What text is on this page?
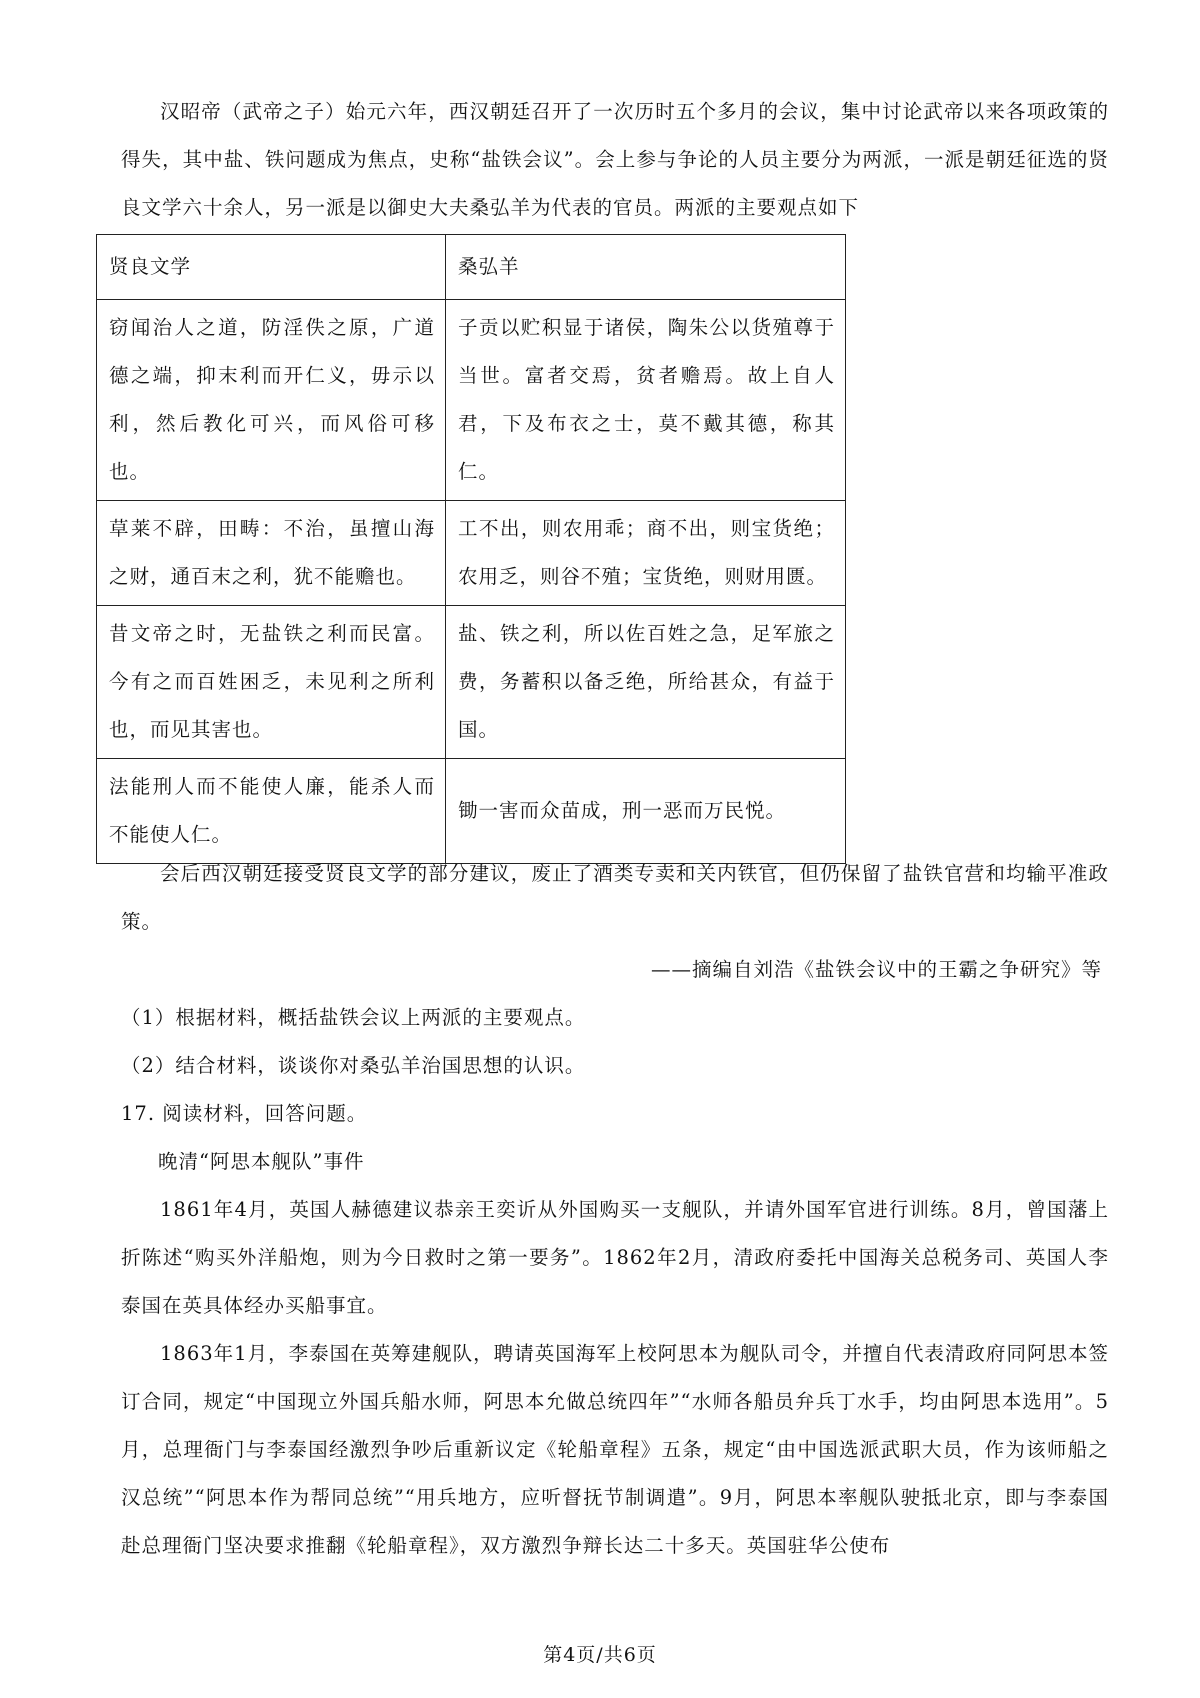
汉昭帝（武帝之子）始元六年，西汉朝廷召开了一次历时五个多月的会议，集中讨论武帝以来各项政策的得失，其中盐、铁问题成为焦点，史称“盐铁会议”。会上参与争论的人员主要分为两派，一派是朝廷征选的贤良文学六十余人，另一派是以御史大夫桑弘羊为代表的官员。两派的主要观点如下

贤良文学	桑弘羊
窃闻治人之道，防淫佚之原，广道德之端，抑末利而开仁义，毋示以利，然后教化可兴，而风俗可移也。	子贡以贮积显于诸侯，陶朱公以货殖尊于当世。富者交焉，贫者赡焉。故上自人君，下及布衣之士，莫不戴其德，称其仁。
草莱不辟，田畴：不治，虽擅山海之财，通百末之利，犹不能赡也。	工不出，则农用乖；商不出，则宝货绝；农用乏，则谷不殖；宝货绝，则财用匮。
昔文帝之时，无盐铁之利而民富。今有之而百姓困乏，未见利之所利也，而见其害也。	盐、铁之利，所以佐百姓之急，足军旅之费，务蓄积以备乏绝，所给甚众，有益于国。
法能刑人而不能使人廉，能杀人而不能使人仁。	锄一害而众苗成，刑一恶而万民悦。

会后西汉朝廷接受贤良文学的部分建议，废止了酒类专卖和关内铁官，但仍保留了盐铁官营和均输平准政策。

——摘编自刘浩《盐铁会议中的王霸之争研究》等

（1）根据材料，概括盐铁会议上两派的主要观点。

（2）结合材料，谈谈你对桑弘羊治国思想的认识。

17. 阅读材料，回答问题。

晚清“阿思本舰队”事件

1861年4月，英国人赫德建议恭亲王奕䜣从外国购买一支舰队，并请外国军官进行训练。8月，曾国藩上折陈述“购买外洋船炮，则为今日救时之第一要务”。1862年2月，清政府委托中国海关总税务司、英国人李泰国在英具体经办买船事宜。

1863年1月，李泰国在英筹建舰队，聘请英国海军上校阿思本为舰队司令，并擅自代表清政府同阿思本签订合同，规定“中国现立外国兵船水师，阿思本允做总统四年”“水师各船员弁兵丁水手，均由阿思本选用”。5月，总理衙门与李泰国经激烈争吵后重新议定《轮船章程》五条，规定“由中国选派武职大员，作为该师船之汉总统”“阿思本作为帮同总统”“用兵地方，应听督抚节制调遣”。9月，阿思本率舰队驶抵北京，即与李泰国赴总理衙门坚决要求推翻《轮船章程》，双方激烈争辩长达二十多天。英国驻华公使布

第4页/共6页
